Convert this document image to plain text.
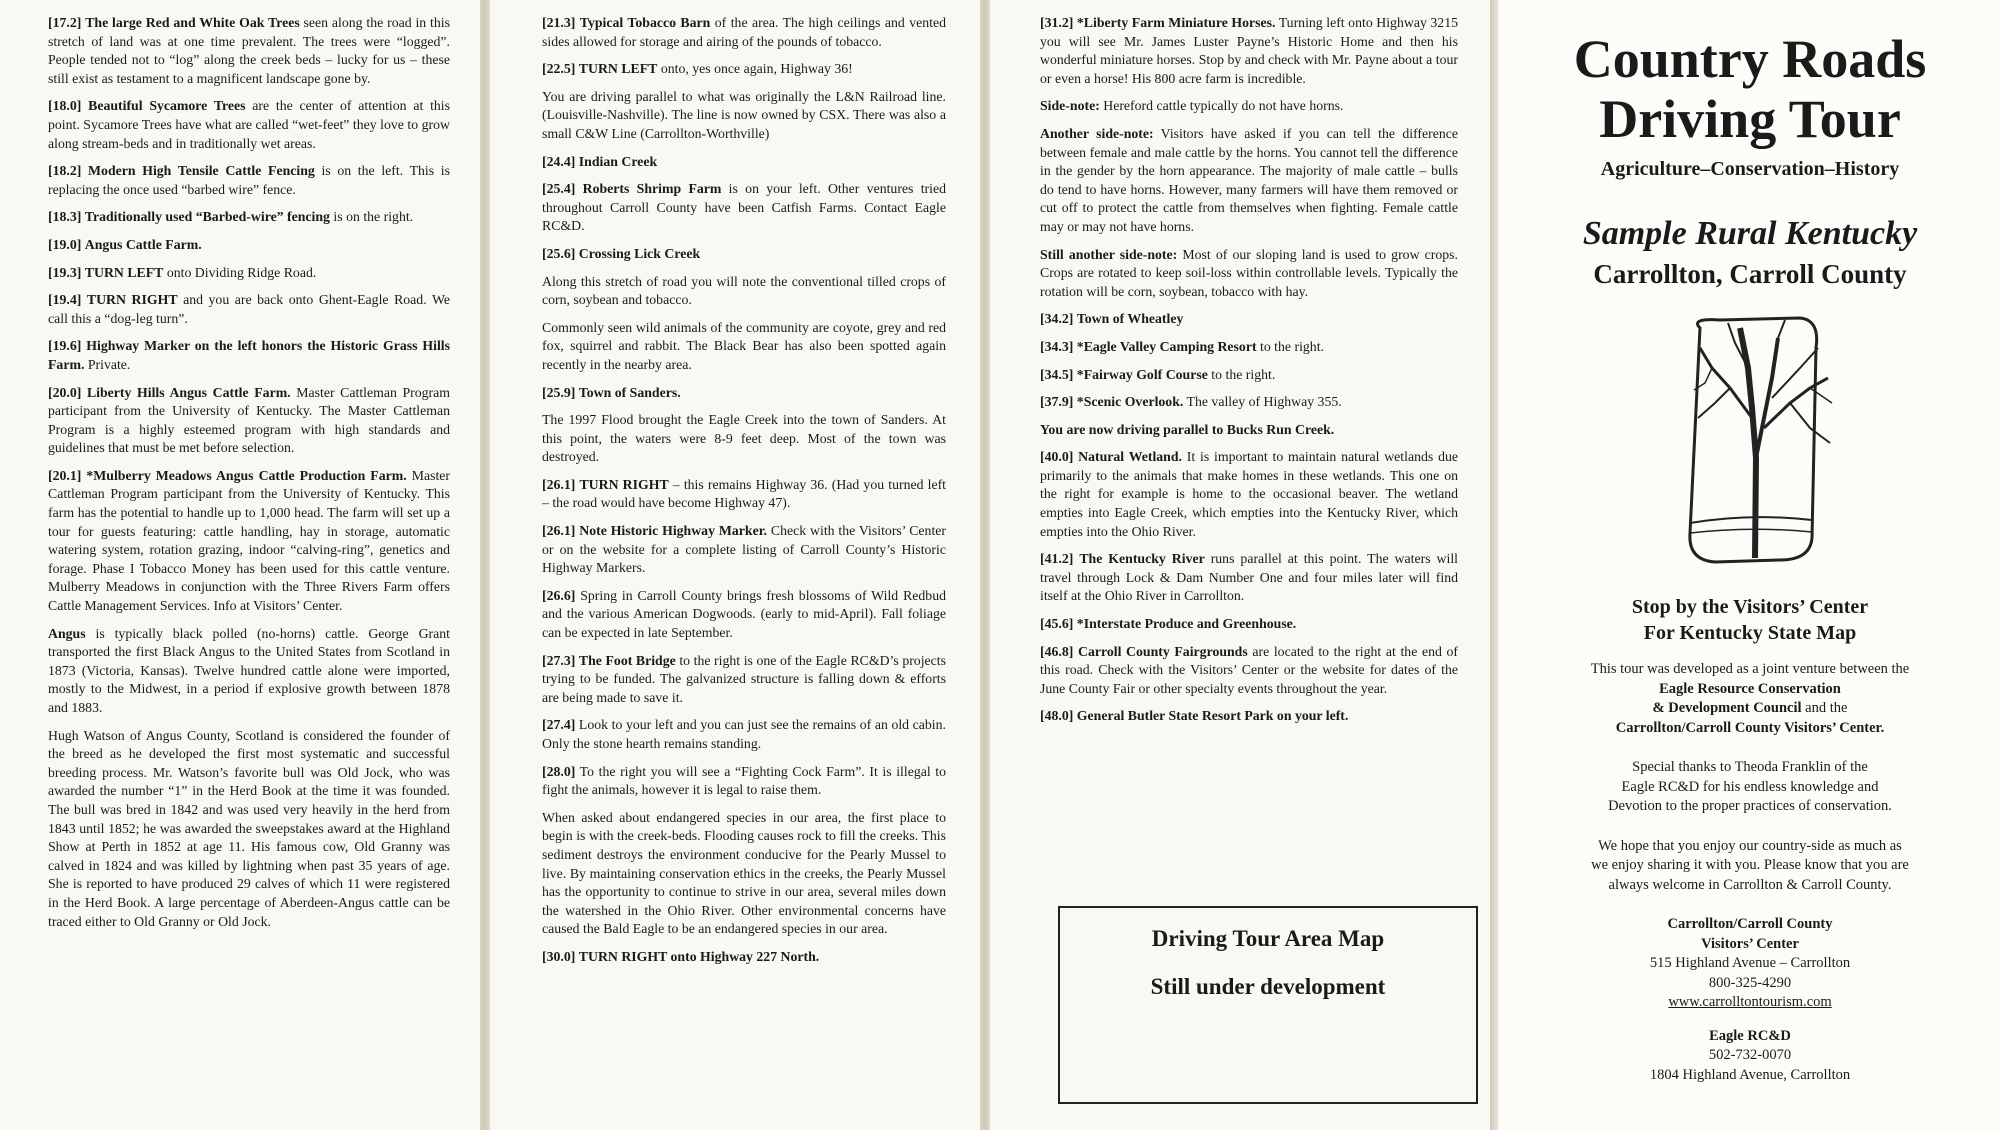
[17.2] The large Red and White Oak Trees seen along the road in this stretch of land was at one time prevalent. The trees were “logged”. People tended not to “log” along the creek beds – lucky for us – these still exist as testament to a magnificent landscape gone by.

[18.0] Beautiful Sycamore Trees are the center of attention at this point. Sycamore Trees have what are called “wet-feet” they love to grow along stream-beds and in traditionally wet areas.

[18.2] Modern High Tensile Cattle Fencing is on the left. This is replacing the once used “barbed wire” fence.

[18.3] Traditionally used “Barbed-wire” fencing is on the right.

[19.0] Angus Cattle Farm.

[19.3] TURN LEFT onto Dividing Ridge Road.

[19.4] TURN RIGHT and you are back onto Ghent-Eagle Road. We call this a “dog-leg turn”.

[19.6] Highway Marker on the left honors the Historic Grass Hills Farm. Private.

[20.0] Liberty Hills Angus Cattle Farm. Master Cattleman Program participant from the University of Kentucky. The Master Cattleman Program is a highly esteemed program with high standards and guidelines that must be met before selection.

[20.1] *Mulberry Meadows Angus Cattle Production Farm. Master Cattleman Program participant from the University of Kentucky. This farm has the potential to handle up to 1,000 head. The farm will set up a tour for guests featuring: cattle handling, hay in storage, automatic watering system, rotation grazing, indoor “calving-ring”, genetics and forage. Phase I Tobacco Money has been used for this cattle venture. Mulberry Meadows in conjunction with the Three Rivers Farm offers Cattle Management Services. Info at Visitors’ Center.

Angus is typically black polled (no-horns) cattle. George Grant transported the first Black Angus to the United States from Scotland in 1873 (Victoria, Kansas). Twelve hundred cattle alone were imported, mostly to the Midwest, in a period if explosive growth between 1878 and 1883.

Hugh Watson of Angus County, Scotland is considered the founder of the breed as he developed the first most systematic and successful breeding process. Mr. Watson’s favorite bull was Old Jock, who was awarded the number “1” in the Herd Book at the time it was founded. The bull was bred in 1842 and was used very heavily in the herd from 1843 until 1852; he was awarded the sweepstakes award at the Highland Show at Perth in 1852 at age 11. His famous cow, Old Granny was calved in 1824 and was killed by lightning when past 35 years of age. She is reported to have produced 29 calves of which 11 were registered in the Herd Book. A large percentage of Aberdeen-Angus cattle can be traced either to Old Granny or Old Jock.

[21.3] Typical Tobacco Barn of the area. The high ceilings and vented sides allowed for storage and airing of the pounds of tobacco.

[22.5] TURN LEFT onto, yes once again, Highway 36!

You are driving parallel to what was originally the L&N Railroad line. (Louisville-Nashville). The line is now owned by CSX. There was also a small C&W Line (Carrollton-Worthville)

[24.4] Indian Creek

[25.4] Roberts Shrimp Farm is on your left. Other ventures tried throughout Carroll County have been Catfish Farms. Contact Eagle RC&D.

[25.6] Crossing Lick Creek

Along this stretch of road you will note the conventional tilled crops of corn, soybean and tobacco.

Commonly seen wild animals of the community are coyote, grey and red fox, squirrel and rabbit. The Black Bear has also been spotted again recently in the nearby area.

[25.9] Town of Sanders.

The 1997 Flood brought the Eagle Creek into the town of Sanders. At this point, the waters were 8-9 feet deep. Most of the town was destroyed.

[26.1] TURN RIGHT – this remains Highway 36. (Had you turned left – the road would have become Highway 47).

[26.1] Note Historic Highway Marker. Check with the Visitors’ Center or on the website for a complete listing of Carroll County’s Historic Highway Markers.

[26.6] Spring in Carroll County brings fresh blossoms of Wild Redbud and the various American Dogwoods. (early to mid-April). Fall foliage can be expected in late September.

[27.3] The Foot Bridge to the right is one of the Eagle RC&D’s projects trying to be funded. The galvanized structure is falling down & efforts are being made to save it.

[27.4] Look to your left and you can just see the remains of an old cabin. Only the stone hearth remains standing.

[28.0] To the right you will see a “Fighting Cock Farm”. It is illegal to fight the animals, however it is legal to raise them.

When asked about endangered species in our area, the first place to begin is with the creek-beds. Flooding causes rock to fill the creeks. This sediment destroys the environment conducive for the Pearly Mussel to live. By maintaining conservation ethics in the creeks, the Pearly Mussel has the opportunity to continue to strive in our area, several miles down the watershed in the Ohio River. Other environmental concerns have caused the Bald Eagle to be an endangered species in our area.

[30.0] TURN RIGHT onto Highway 227 North.

[31.2] *Liberty Farm Miniature Horses. Turning left onto Highway 3215 you will see Mr. James Luster Payne’s Historic Home and then his wonderful miniature horses. Stop by and check with Mr. Payne about a tour or even a horse! His 800 acre farm is incredible.

Side-note: Hereford cattle typically do not have horns.

Another side-note: Visitors have asked if you can tell the difference between female and male cattle by the horns. You cannot tell the difference in the gender by the horn appearance. The majority of male cattle – bulls do tend to have horns. However, many farmers will have them removed or cut off to protect the cattle from themselves when fighting. Female cattle may or may not have horns.

Still another side-note: Most of our sloping land is used to grow crops. Crops are rotated to keep soil-loss within controllable levels. Typically the rotation will be corn, soybean, tobacco with hay.

[34.2] Town of Wheatley

[34.3] *Eagle Valley Camping Resort to the right.

[34.5] *Fairway Golf Course to the right.

[37.9] *Scenic Overlook. The valley of Highway 355.

You are now driving parallel to Bucks Run Creek.

[40.0] Natural Wetland. It is important to maintain natural wetlands due primarily to the animals that make homes in these wetlands. This one on the right for example is home to the occasional beaver. The wetland empties into Eagle Creek, which empties into the Kentucky River, which empties into the Ohio River.

[41.2] The Kentucky River runs parallel at this point. The waters will travel through Lock & Dam Number One and four miles later will find itself at the Ohio River in Carrollton.

[45.6] *Interstate Produce and Greenhouse.

[46.8] Carroll County Fairgrounds are located to the right at the end of this road. Check with the Visitors’ Center or the website for dates of the June County Fair or other specialty events throughout the year.

[48.0] General Butler State Resort Park on your left.

Driving Tour Area Map
Still under development

Country Roads

Driving Tour

Agriculture–Conservation–History

Sample Rural Kentucky

Carrollton, Carroll County

Stop by the Visitors’ Center
For Kentucky State Map

This tour was developed as a joint venture between the
Eagle Resource Conservation
& Development Council and the
Carrollton/Carroll County Visitors’ Center.

Special thanks to Theoda Franklin of the
Eagle RC&D for his endless knowledge and
Devotion to the proper practices of conservation.

We hope that you enjoy our country-side as much as
we enjoy sharing it with you. Please know that you are
always welcome in Carrollton & Carroll County.

Carrollton/Carroll County
Visitors’ Center
515 Highland Avenue – Carrollton
800-325-4290
www.carrolltontourism.com

Eagle RC&D
502-732-0070
1804 Highland Avenue, Carrollton
